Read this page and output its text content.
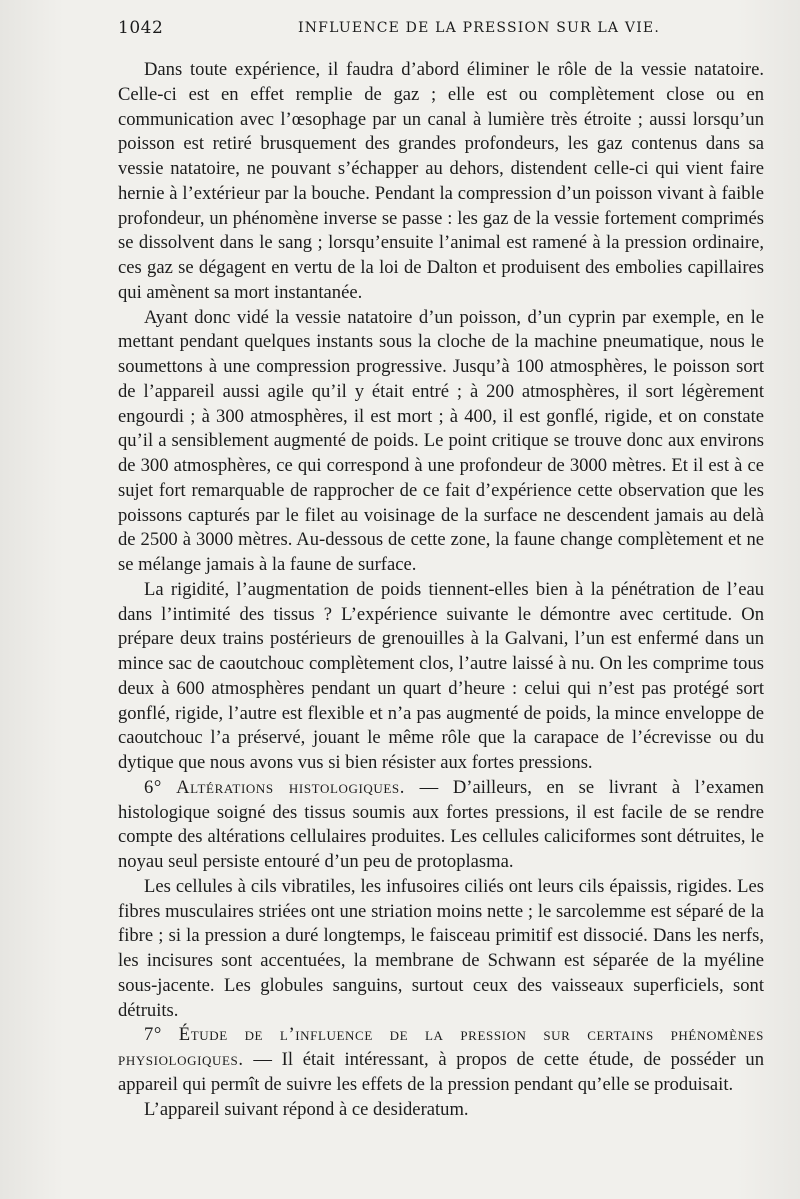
1042	INFLUENCE DE LA PRESSION SUR LA VIE.

Dans toute expérience, il faudra d’abord éliminer le rôle de la vessie natatoire. Celle-ci est en effet remplie de gaz ; elle est ou complètement close ou en communication avec l’œsophage par un canal à lumière très étroite ; aussi lorsqu’un poisson est retiré brusquement des grandes profondeurs, les gaz contenus dans sa vessie natatoire, ne pouvant s’échapper au dehors, distendent celle-ci qui vient faire hernie à l’extérieur par la bouche. Pendant la compression d’un poisson vivant à faible profondeur, un phénomène inverse se passe : les gaz de la vessie fortement comprimés se dissolvent dans le sang ; lorsqu’ensuite l’animal est ramené à la pression ordinaire, ces gaz se dégagent en vertu de la loi de Dalton et produisent des embolies capillaires qui amènent sa mort instantanée.

Ayant donc vidé la vessie natatoire d’un poisson, d’un cyprin par exemple, en le mettant pendant quelques instants sous la cloche de la machine pneumatique, nous le soumettons à une compression progressive. Jusqu’à 100 atmosphères, le poisson sort de l’appareil aussi agile qu’il y était entré ; à 200 atmosphères, il sort légèrement engourdi ; à 300 atmosphères, il est mort ; à 400, il est gonflé, rigide, et on constate qu’il a sensiblement augmenté de poids. Le point critique se trouve donc aux environs de 300 atmosphères, ce qui correspond à une profondeur de 3000 mètres. Et il est à ce sujet fort remarquable de rapprocher de ce fait d’expérience cette observation que les poissons capturés par le filet au voisinage de la surface ne descendent jamais au delà de 2500 à 3000 mètres. Au-dessous de cette zone, la faune change complètement et ne se mélange jamais à la faune de surface.

La rigidité, l’augmentation de poids tiennent-elles bien à la pénétration de l’eau dans l’intimité des tissus ? L’expérience suivante le démontre avec certitude. On prépare deux trains postérieurs de grenouilles à la Galvani, l’un est enfermé dans un mince sac de caoutchouc complètement clos, l’autre laissé à nu. On les comprime tous deux à 600 atmosphères pendant un quart d’heure : celui qui n’est pas protégé sort gonflé, rigide, l’autre est flexible et n’a pas augmenté de poids, la mince enveloppe de caoutchouc l’a préservé, jouant le même rôle que la carapace de l’écrevisse ou du dytique que nous avons vus si bien résister aux fortes pressions.

6° Altérations histologiques. — D’ailleurs, en se livrant à l’examen histologique soigné des tissus soumis aux fortes pressions, il est facile de se rendre compte des altérations cellulaires produites. Les cellules caliciformes sont détruites, le noyau seul persiste entouré d’un peu de protoplasma.

Les cellules à cils vibratiles, les infusoires ciliés ont leurs cils épaissis, rigides. Les fibres musculaires striées ont une striation moins nette ; le sarcolemme est séparé de la fibre ; si la pression a duré longtemps, le faisceau primitif est dissocié. Dans les nerfs, les incisures sont accentuées, la membrane de Schwann est séparée de la myéline sous-jacente. Les globules sanguins, surtout ceux des vaisseaux superficiels, sont détruits.

7° Étude de l’influence de la pression sur certains phénomènes physiologiques. — Il était intéressant, à propos de cette étude, de posséder un appareil qui permît de suivre les effets de la pression pendant qu’elle se produisait.

L’appareil suivant répond à ce desideratum.
